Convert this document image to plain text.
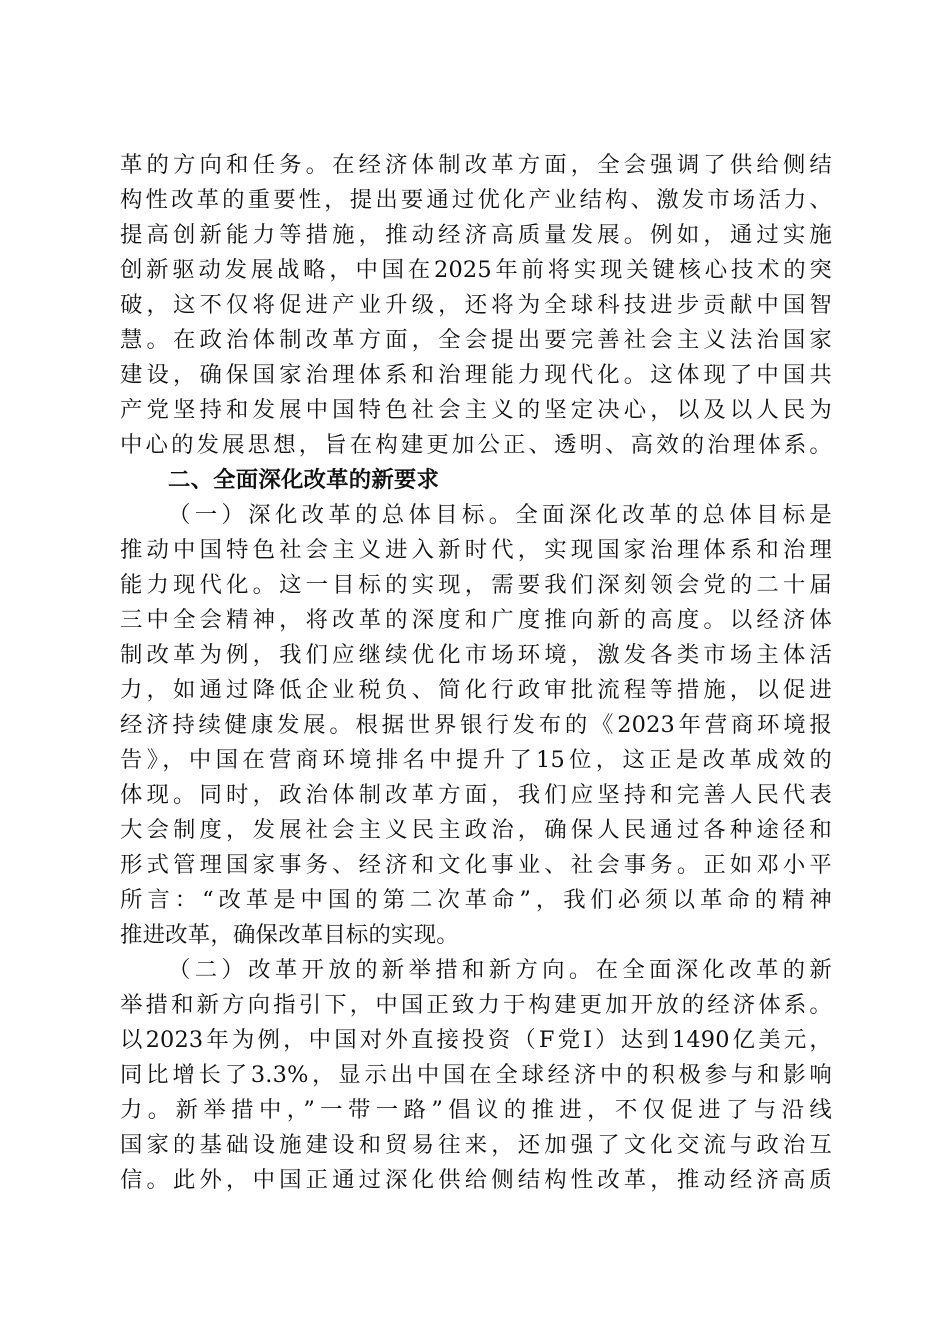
革的方向和任务。在经济体制改革方面，全会强调了供给侧结
构性改革的重要性，提出要通过优化产业结构、激发市场活力、
提高创新能力等措施，推动经济高质量发展。例如，通过实施
创新驱动发展战略，中国在2025年前将实现关键核心技术的突
破，这不仅将促进产业升级，还将为全球科技进步贡献中国智
慧。在政治体制改革方面，全会提出要完善社会主义法治国家
建设，确保国家治理体系和治理能力现代化。这体现了中国共
产党坚持和发展中国特色社会主义的坚定决心，以及以人民为
中心的发展思想，旨在构建更加公正、透明、高效的治理体系。
二、全面深化改革的新要求
（一）深化改革的总体目标。全面深化改革的总体目标是
推动中国特色社会主义进入新时代，实现国家治理体系和治理
能力现代化。这一目标的实现，需要我们深刻领会党的二十届
三中全会精神，将改革的深度和广度推向新的高度。以经济体
制改革为例，我们应继续优化市场环境，激发各类市场主体活
力，如通过降低企业税负、简化行政审批流程等措施，以促进
经济持续健康发展。根据世界银行发布的《2023年营商环境报
告》，中国在营商环境排名中提升了15位，这正是改革成效的
体现。同时，政治体制改革方面，我们应坚持和完善人民代表
大会制度，发展社会主义民主政治，确保人民通过各种途径和
形式管理国家事务、经济和文化事业、社会事务。正如邓小平
所言：“改革是中国的第二次革命”，我们必须以革命的精神
推进改革，确保改革目标的实现。
（二）改革开放的新举措和新方向。在全面深化改革的新
举措和新方向指引下，中国正致力于构建更加开放的经济体系。
以2023年为例，中国对外直接投资（F党I）达到1490亿美元，
同比增长了3.3%，显示出中国在全球经济中的积极参与和影响
力。新举措中，”一带一路”倡议的推进，不仅促进了与沿线
国家的基础设施建设和贸易往来，还加强了文化交流与政治互
信。此外，中国正通过深化供给侧结构性改革，推动经济高质
